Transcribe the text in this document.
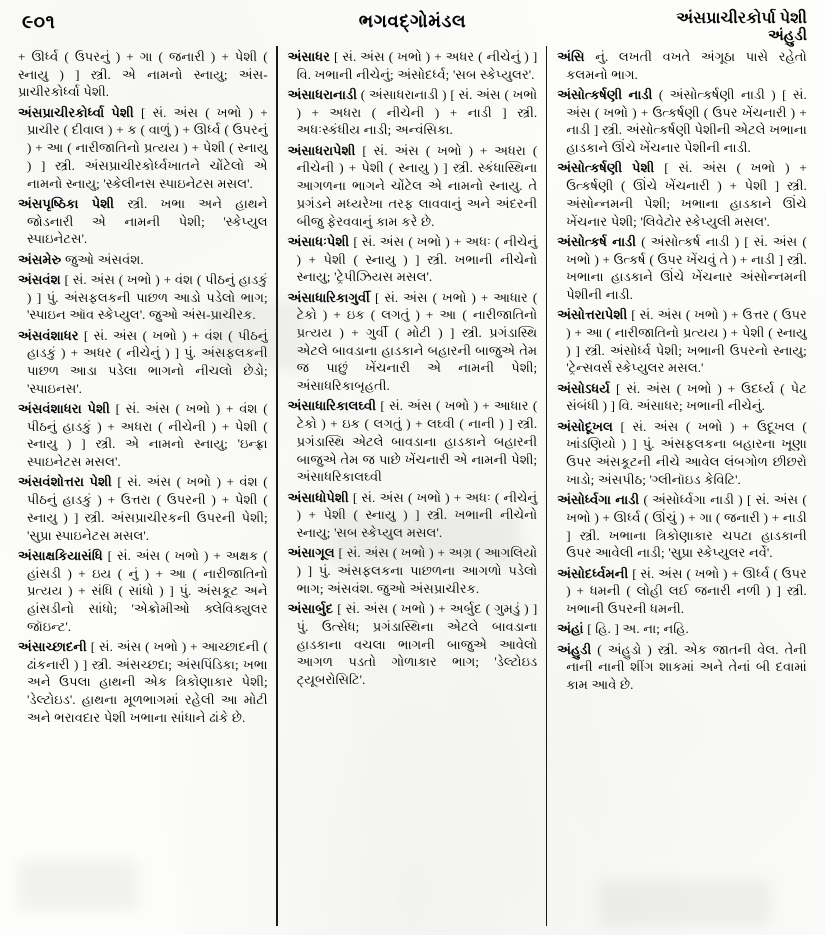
૯૦૧	ભગવદ્ગોમંડલ	અંસપ્રાચીરકોર્પા પેશી
અંહુડી

+ ઊર્ધ્વ ( ઉપરનું ) + ગા ( જનારી ) + પેશી ( સ્નાયુ ) ] સ્ત્રી. એ નામનો સ્નાયુ; અંસ-પ્રાચીરકોર્ધ્વા પેશી.

અંસપ્રાચીરકોર્ધ્વા પેશી [ સં. અંસ ( ખભો ) + પ્રાચીર ( દીવાલ ) + ક ( વાળું ) + ઊર્ધ્વ ( ઉપરનું ) + આ ( નારીજાતિનો પ્રત્યય ) + પેશી ( સ્નાયુ ) ] સ્ત્રી. અંસપ્રાચીરકોર્ધ્વખાતને ચોંટેલો એ નામનો સ્નાયુ; 'સ્કેલીનસ સ્પાઇનેટસ મસલ'.

અંસપૃષ્ઠિકા પેશી સ્ત્રી. ખભા અને હાથને જોડનારી એ નામની પેશી; 'સ્કેપ્યુલ સ્પાઇનેટસ'.

અંસમેરુ જુઓ અંસવંશ.

અંસવંશ [ સં. અંસ ( ખભો ) + વંશ ( પીઠનું હાડકું ) ] પું. અંસફલકની પાછળ આડો પડેલો ભાગ; 'સ્પાઇન ઑવ સ્કેપ્યુલ'. જુઓ અંસ-પ્રાચીરક.

અંસવંશાધર [ સં. અંસ ( ખભો ) + વંશ ( પીઠનું હાડકું ) + અધર ( નીચેનું ) ] પું. અંસફલકની પાછળ આડા પડેલા ભાગનો નીચલો છેડો; 'સ્પાઇનસ'.

અંસવંશાધરા પેશી [ સં. અંસ ( ખભો ) + વંશ ( પીઠનું હાડકું ) + અધરા ( નીચેની ) + પેશી ( સ્નાયુ ) ] સ્ત્રી. એ નામનો સ્નાયુ; 'ઇન્ફ્રા સ્પાઇનેટસ મસલ'.

અંસવંશોત્તરા પેશી [ સં. અંસ ( ખભો ) + વંશ ( પીઠનું હાડકું ) + ઉત્તરા ( ઉપરની ) + પેશી ( સ્નાયુ ) ] સ્ત્રી. અંસપ્રાચીરકની ઉપરની પેશી; 'સુપ્રા સ્પાઇનેટસ મસલ'.

અંસાક્ષકિયાસંધિ [ સં. અંસ ( ખભો ) + અક્ષક ( હાંસડી ) + ઇય ( નું ) + આ ( નારીજાતિનો પ્રત્યય ) + સંધિ ( સાંધો ) ] પું. અંસકૂટ અને હાંસડીનો સાંધો; 'એક્રોમીઓ ક્લેવિક્યુલર જૉઇન્ટ'.

અંસાચ્છાદની [ સં. અંસ ( ખભો ) + આચ્છાદની ( ઢાંકનારી ) ] સ્ત્રી. અંસચ્છદા; અંસપિંડિકા; ખભા અને ઉપલા હાથની એક ત્રિકોણાકાર પેશી; 'ડેલ્ટોઇડ'. હાથના મૂળભાગમાં રહેલી આ મોટી અને ભરાવદાર પેશી ખભાના સાંધાને ઢાંકે છે.

અંસાધર [ સં. અંસ ( ખભો ) + અધર ( નીચેનું ) ] વિ. ખભાની નીચેનું; અંસોદર્ધ્વ; 'સબ સ્કેપ્યુલર'.

અંસાધરાનાડી ( અંસાધરાનાડી ) [ સં. અંસ ( ખભો ) + અધરા ( નીચેની ) + નાડી ] સ્ત્રી. અધઃસ્કંધીય નાડી; અન્વંસિકા.

અંસાધરાપેશી [ સં. અંસ ( ખભો ) + અધરા ( નીચેની ) + પેશી ( સ્નાયુ ) ] સ્ત્રી. સ્કંધાસ્થિના આગળના ભાગને ચોંટેલ એ નામનો સ્નાયુ. તે પ્રગંડને મધ્યરેખા તરફ લાવવાનું અને અંદરની બીજુ ફેરવવાનું કામ કરે છે.

અંસાધઃપેશી [ સં. અંસ ( ખભો ) + અધઃ ( નીચેનું ) + પેશી ( સ્નાયુ ) ] સ્ત્રી. ખભાની નીચેનો સ્નાયુ; 'ટ્રેપીઝિયસ મસલ'.

અંસાધારિકાગુર્વી [ સં. અંસ ( ખભો ) + આધાર ( ટેકો ) + ઇક ( લગતું ) + આ ( નારીજાતિનો પ્રત્યય ) + ગુર્વી ( મોટી ) ] સ્ત્રી. પ્રગંડાસ્થિ એટલે બાવડાના હાડકાને બહારની બાજુએ તેમ જ પાછું ખેંચનારી એ નામની પેશી; અંસાધરિકાબૃહતી.

અંસાધારિકાલઘ્વી [ સં. અંસ ( ખભો ) + આધાર ( ટેકો ) + ઇક ( લગતું ) + લઘ્વી ( નાની ) ] સ્ત્રી. પ્રગંડાસ્થિ એટલે બાવડાના હાડકાને બહારની બાજુએ તેમ જ પાછે ખેંચનારી એ નામની પેશી; અંસાધરિકાલઘ્વી

અંસાધોપેશી [ સં. અંસ ( ખભો ) + અધઃ ( નીચેનું ) + પેશી ( સ્નાયુ ) ] સ્ત્રી. ખભાની નીચેનો સ્નાયુ; 'સબ સ્કેપ્યુલ મસલ'.

અંસાગૂલ [ સં. અંસ ( ખભો ) + અગ્ર ( આગલિયો ) ] પું. અંસફલકના પાછળના આગળો પડેલો ભાગ; અંસવંશ. જુઓ અંસપ્રાચીરક.

અંસાર્બુદ [ સં. અંસ ( ખભો ) + અર્બુદ ( ગુમડું ) ] પું. ઉત્સેધ; પ્રગંડાસ્થિના એટલે બાવડાના હાડકાના વચલા ભાગની બાજુએ આવેલો આગળ પડતો ગોળાકાર ભાગ; 'ડેલ્ટોઇડ ટ્યૂબરોસિટિ'.

અંસિ નું. લખતી વખતે અંગૂઠા પાસે રહેતો કલમનો ભાગ.

અંસોત્કર્ષણી નાડી ( અંસોત્કર્ષણી નાડી ) [ સં. અંસ ( ખભો ) + ઉત્કર્ષણી ( ઉપર ખેંચનારી ) + નાડી ] સ્ત્રી. અંસોત્કર્ષણી પેશીની એટલે ખભાના હાડકાને ઊંચે ખેંચનાર પેશીની નાડી.

અંસોત્કર્ષણી પેશી [ સં. અંસ ( ખભો ) + ઉત્કર્ષણી ( ઊંચે ખેંચનારી ) + પેશી ] સ્ત્રી. અંસોન્નમની પેશી; ખભાના હાડકાને ઊંચે ખેંચનાર પેશી; 'લિવેટોર સ્કેપ્યુલી મસલ'.

અંસોત્કર્ષ નાડી ( અંસોત્કર્ષ નાડી ) [ સં. અંસ ( ખભો ) + ઉત્કર્ષ ( ઉપર ખેંચવું તે ) + નાડી ] સ્ત્રી. ખભાના હાડકાને ઊંચે ખેંચનાર અંસોન્નમની પેશીની નાડી.

અંસોત્તરાપેશી [ સં. અંસ ( ખભો ) + ઉત્તર ( ઉપર ) + આ ( નારીજાતિનો પ્રત્યય ) + પેશી ( સ્નાયુ ) ] સ્ત્રી. અંસોર્ધ્વ પેશી; ખભાની ઉપરનો સ્નાયુ; 'ટ્રેન્સવર્સ સ્કેપ્યુલર મસલ.'

અંસોઽધર્ય [ સં. અંસ ( ખભો ) + ઉદર્ધ્ય ( પેટ સંબંધી ) ] વિ. અંસાધર; ખભાની નીચેનું.

અંસોદૂખલ [ સં. અંસ ( ખભો ) + ઉદૂખલ ( ખાંડણિયો ) ] પું. અંસફલકના બહારના ખૂણા ઉપર અંસકૂટની નીચે આવેલ લંબગોળ છીછરો ખાડો; અંસપીઠ; 'ગ્લીનૉઇડ કેવિટિ'.

અંસોર્ધ્વગા નાડી ( અંસોર્ધ્વગા નાડી ) [ સં. અંસ ( ખભો ) + ઊર્ધ્વ ( ઊંચું ) + ગા ( જનારી ) + નાડી ] સ્ત્રી. ખભાના ત્રિકોણાકાર ચપટા હાડકાની ઉપર આવેલી નાડી; 'સુપ્રા સ્કેપ્યુલર નર્વે'.

અંસોદર્ધ્વમની [ સં. અંસ ( ખભો ) + ઊર્ધ્વ ( ઉપર ) + ધમની ( લોહી લઈ જનારી નળી ) ] સ્ત્રી. ખભાની ઉપરની ધમની.

અંહાં [ હિ. ] અ. ના; નહિ.

અંહુડી ( અંહુડો ) સ્ત્રી. એક જાતની વેલ. તેની નાની નાની શીંગ શાકમાં અને તેનાં બી દવામાં કામ આવે છે.
